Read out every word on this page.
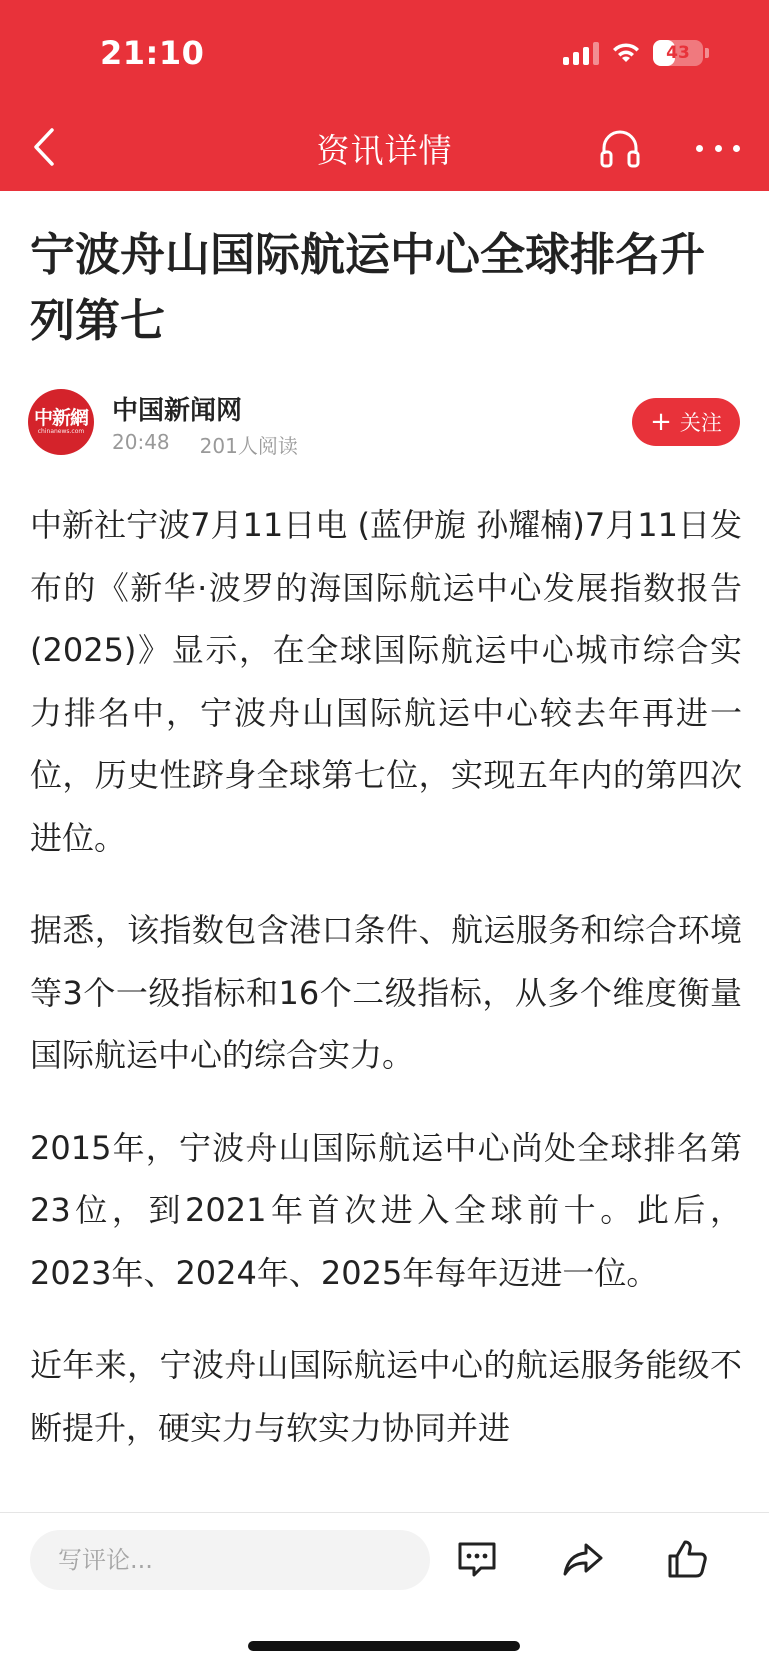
21:10	43
资讯详情
宁波舟山国际航运中心全球排名升列第七
中新網
chinanews.com
中国新闻网
20:48 201人阅读
+ 关注

中新社宁波7月11日电 (蓝伊旎 孙耀楠)7月11日发布的《新华·波罗的海国际航运中心发展指数报告(2025)》显示，在全球国际航运中心城市综合实力排名中，宁波舟山国际航运中心较去年再进一位，历史性跻身全球第七位，实现五年内的第四次进位。

据悉，该指数包含港口条件、航运服务和综合环境等3个一级指标和16个二级指标，从多个维度衡量国际航运中心的综合实力。

2015年，宁波舟山国际航运中心尚处全球排名第23位，到2021年首次进入全球前十。此后，2023年、2024年、2025年每年迈进一位。

近年来，宁波舟山国际航运中心的航运服务能级不断提升，硬实力与软实力协同并进

写评论...
